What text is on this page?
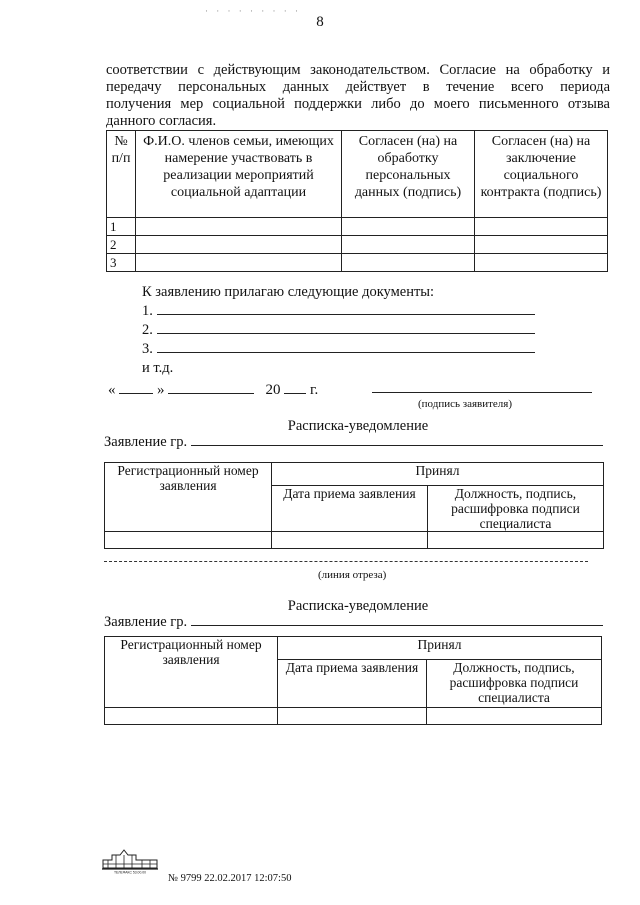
· · · · · · · · ·
8
соответствии с действующим законодательством. Согласие на обработку и
передачу персональных данных действует в течение всего периода
получения мер социальной поддержки либо до моего письменного отзыва
данного согласия.
№ п/п	Ф.И.О. членов семьи, имеющих намерение участвовать в реализации мероприятий социальной адаптации	Согласен (на) на обработку персональных данных (подпись)	Согласен (на) на заключение социального контракта (подпись)
1			
2			
3			
К заявлению прилагаю следующие документы:
1.
2.
3.
и т.д.
«	»	20 г.
(подпись заявителя)
Расписка-уведомление
Заявление гр.
Регистрационный номер заявления	Принял	
	Дата приема заявления	Должность, подпись, расшифровка подписи специалиста

(линия отреза)
Расписка-уведомление
Заявление гр.
Регистрационный номер заявления	Принял	
	Дата приема заявления	Должность, подпись, расшифровка подписи специалиста

ТЕЛЕФАКС 53.00.00
№ 9799 22.02.2017 12:07:50
